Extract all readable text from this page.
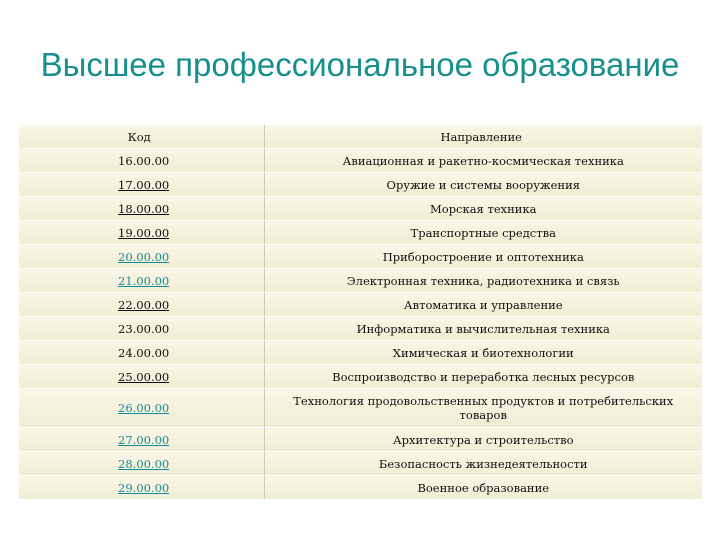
Высшее профессиональное образование
Код	Направление
16.00.00	Авиационная и ракетно-космическая техника
17.00.00	Оружие и системы вооружения
18.00.00	Морская техника
19.00.00	Транспортные средства
20.00.00	Приборостроение и оптотехника
21.00.00	Электронная техника, радиотехника и связь
22.00.00	Автоматика и управление
23.00.00	Информатика и вычислительная техника
24.00.00	Химическая и биотехнологии
25.00.00	Воспроизводство и переработка лесных ресурсов
26.00.00	Технология продовольственных продуктов и потребительских товаров
27.00.00	Архитектура и строительство
28.00.00	Безопасность жизнедеятельности
29.00.00	Военное образование
